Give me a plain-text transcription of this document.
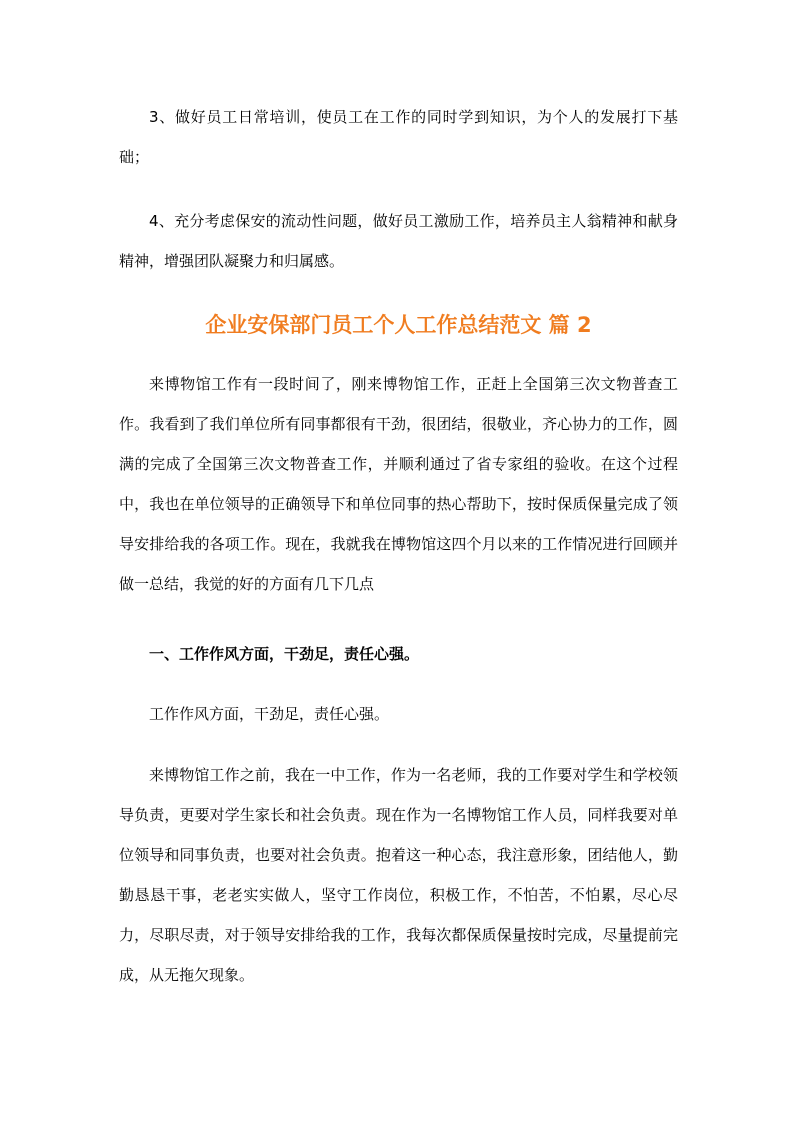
3、做好员工日常培训，使员工在工作的同时学到知识，为个人的发展打下基础；

4、充分考虑保安的流动性问题，做好员工激励工作，培养员主人翁精神和献身精神，增强团队凝聚力和归属感。

企业安保部门员工个人工作总结范文 篇 2

来博物馆工作有一段时间了，刚来博物馆工作，正赶上全国第三次文物普查工作。我看到了我们单位所有同事都很有干劲，很团结，很敬业，齐心协力的工作，圆满的完成了全国第三次文物普查工作，并顺利通过了省专家组的验收。在这个过程中，我也在单位领导的正确领导下和单位同事的热心帮助下，按时保质保量完成了领导安排给我的各项工作。现在，我就我在博物馆这四个月以来的工作情况进行回顾并做一总结，我觉的好的方面有几下几点

一、工作作风方面，干劲足，责任心强。

工作作风方面，干劲足，责任心强。

来博物馆工作之前，我在一中工作，作为一名老师，我的工作要对学生和学校领导负责，更要对学生家长和社会负责。现在作为一名博物馆工作人员，同样我要对单位领导和同事负责，也要对社会负责。抱着这一种心态，我注意形象，团结他人，勤勤恳恳干事，老老实实做人，坚守工作岗位，积极工作，不怕苦，不怕累，尽心尽力，尽职尽责，对于领导安排给我的工作，我每次都保质保量按时完成，尽量提前完成，从无拖欠现象。
